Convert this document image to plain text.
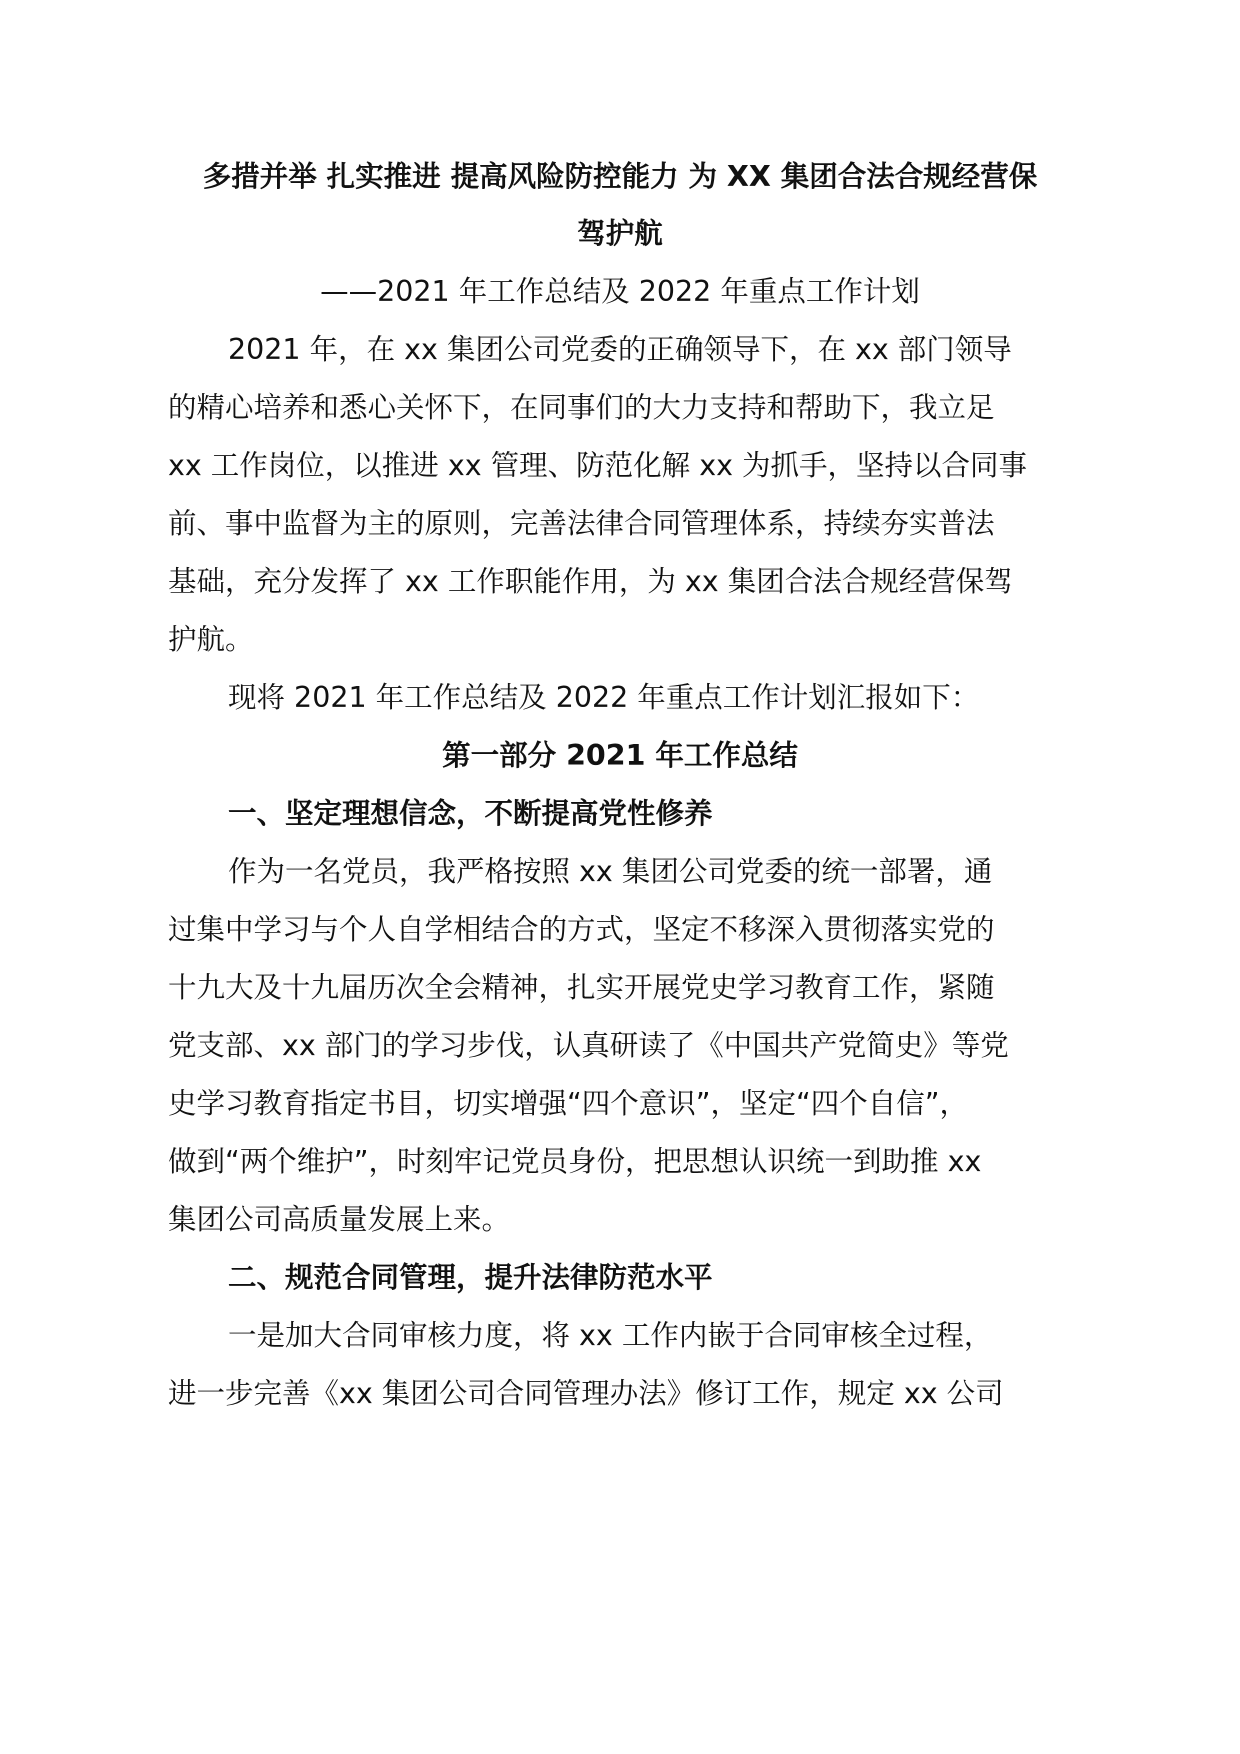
多措并举 扎实推进 提高风险防控能力 为 XX 集团合法合规经营保
驾护航
——2021 年工作总结及 2022 年重点工作计划
2021 年，在 xx 集团公司党委的正确领导下，在 xx 部门领导
的精心培养和悉心关怀下，在同事们的大力支持和帮助下，我立足
xx 工作岗位，以推进 xx 管理、防范化解 xx 为抓手，坚持以合同事
前、事中监督为主的原则，完善法律合同管理体系，持续夯实普法
基础，充分发挥了 xx 工作职能作用，为 xx 集团合法合规经营保驾
护航。
现将 2021 年工作总结及 2022 年重点工作计划汇报如下：
第一部分 2021 年工作总结
一、坚定理想信念，不断提高党性修养
作为一名党员，我严格按照 xx 集团公司党委的统一部署，通
过集中学习与个人自学相结合的方式，坚定不移深入贯彻落实党的
十九大及十九届历次全会精神，扎实开展党史学习教育工作，紧随
党支部、xx 部门的学习步伐，认真研读了《中国共产党简史》等党
史学习教育指定书目，切实增强“四个意识”，坚定“四个自信”，
做到“两个维护”，时刻牢记党员身份，把思想认识统一到助推 xx
集团公司高质量发展上来。
二、规范合同管理，提升法律防范水平
一是加大合同审核力度，将 xx 工作内嵌于合同审核全过程，
进一步完善《xx 集团公司合同管理办法》修订工作，规定 xx 公司
